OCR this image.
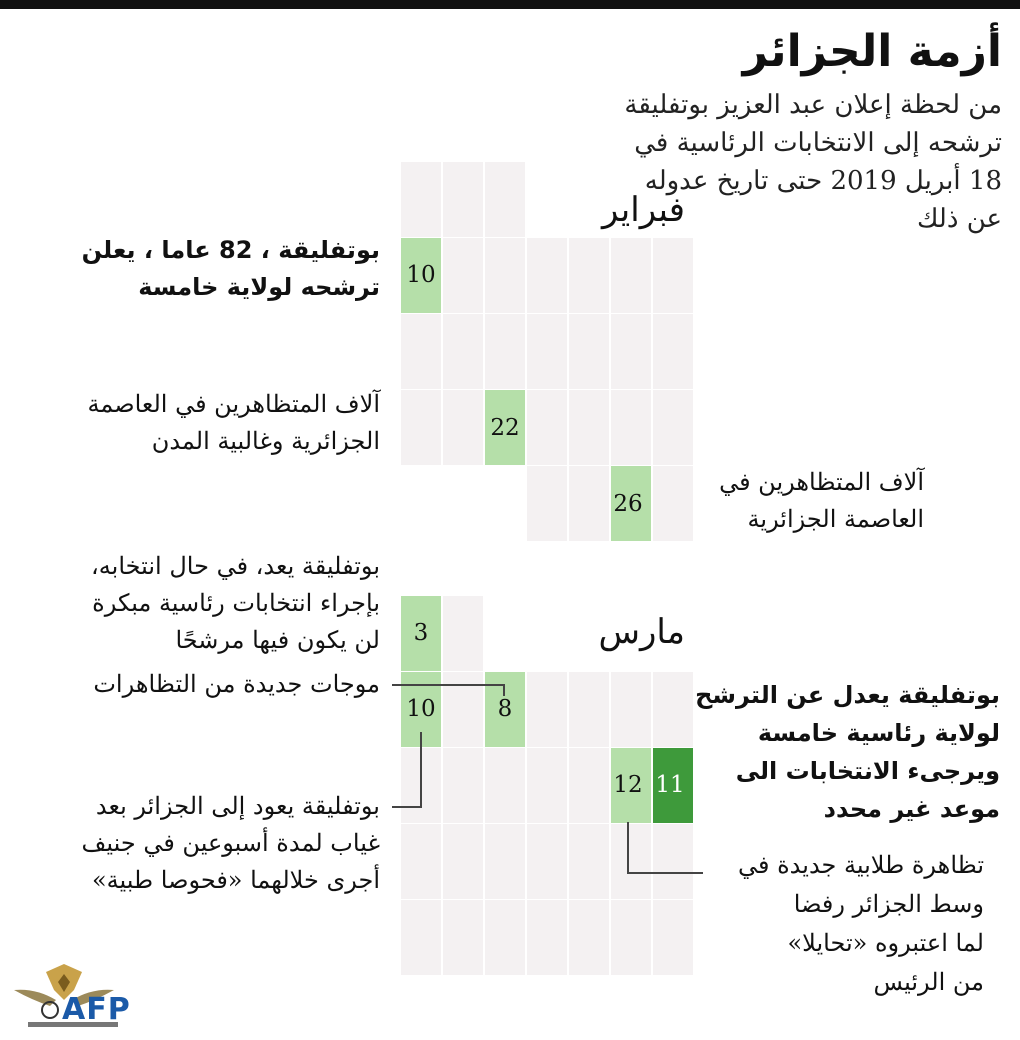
أزمة الجزائر
من لحظة إعلان عبد العزيز بوتفليقة ترشحه إلى الانتخابات الرئاسية في 18 أبريل 2019 حتى تاريخ عدوله عن ذلك
فبراير
مارس
10
22
26
3
8
10
11
12
بوتفليقة ، 82 عاما ، يعلن
ترشحه لولاية خامسة
آلاف المتظاهرين في العاصمة
الجزائرية وغالبية المدن
آلاف المتظاهرين في
العاصمة الجزائرية
بوتفليقة يعد، في حال انتخابه،
بإجراء انتخابات رئاسية مبكرة
لن يكون فيها مرشحًا
موجات جديدة من التظاهرات
بوتفليقة يعود إلى الجزائر بعد
غياب لمدة أسبوعين في جنيف
أجرى خلالهما «فحوصا طبية»
بوتفليقة يعدل عن الترشح
لولاية رئاسية خامسة
ويرجىء الانتخابات الى
موعد غير محدد
تظاهرة طلابية جديدة في
وسط الجزائر رفضا
لما اعتبروه «تحايلا»
من الرئيس
AFP
